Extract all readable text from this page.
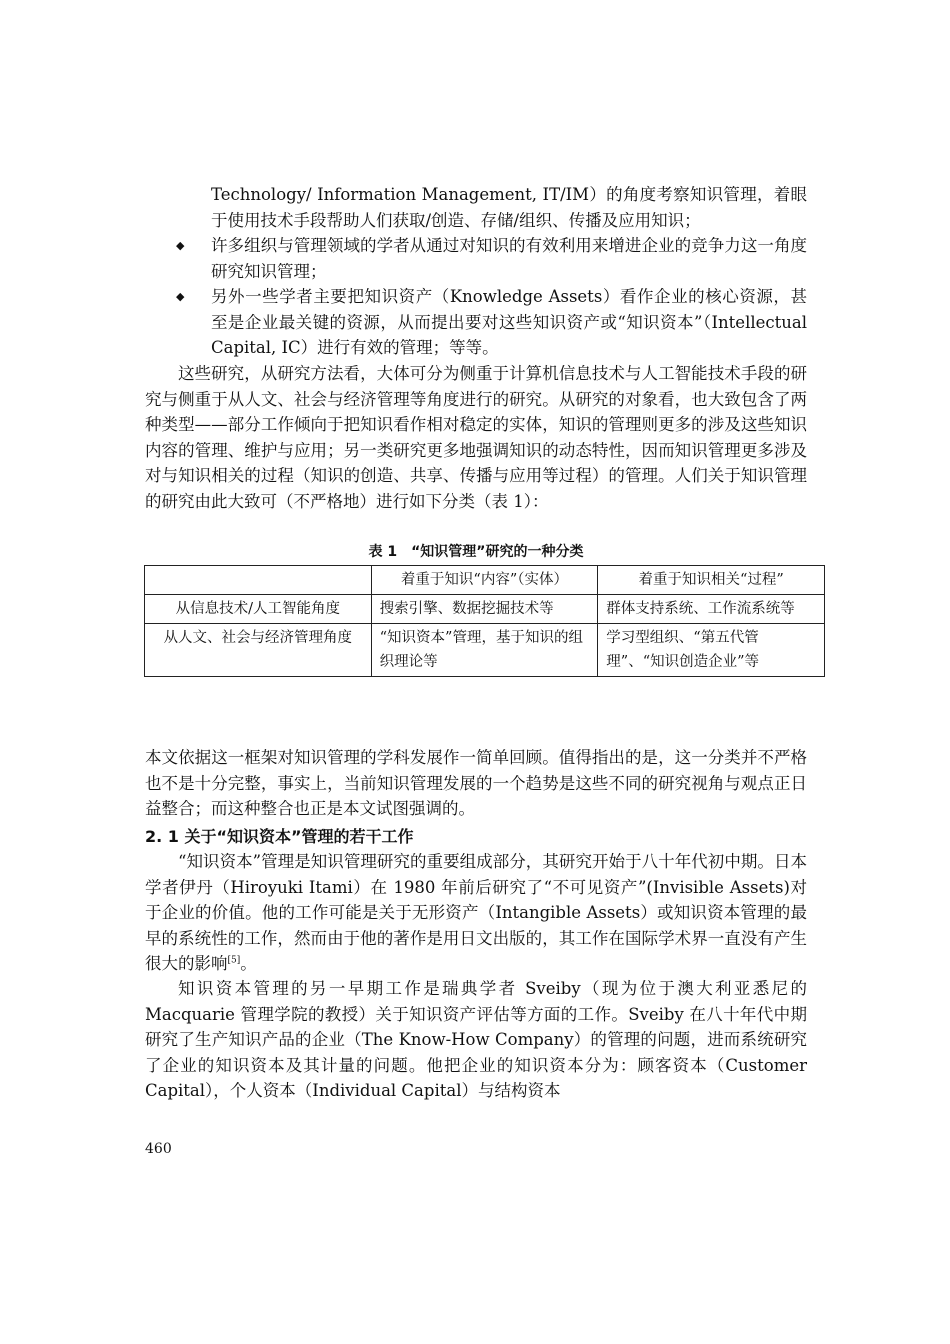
Technology/ Information Management, IT/IM）的角度考察知识管理，着眼于使用技术手段帮助人们获取/创造、存储/组织、传播及应用知识；

◆ 许多组织与管理领域的学者从通过对知识的有效利用来增进企业的竞争力这一角度研究知识管理；

◆ 另外一些学者主要把知识资产（Knowledge Assets）看作企业的核心资源，甚至是企业最关键的资源，从而提出要对这些知识资产或“知识资本”（Intellectual Capital, IC）进行有效的管理；等等。

这些研究，从研究方法看，大体可分为侧重于计算机信息技术与人工智能技术手段的研究与侧重于从人文、社会与经济管理等角度进行的研究。从研究的对象看，也大致包含了两种类型——部分工作倾向于把知识看作相对稳定的实体，知识的管理则更多的涉及这些知识内容的管理、维护与应用；另一类研究更多地强调知识的动态特性，因而知识管理更多涉及对与知识相关的过程（知识的创造、共享、传播与应用等过程）的管理。人们关于知识管理的研究由此大致可（不严格地）进行如下分类（表 1）：

表 1　“知识管理”研究的一种分类
	着重于知识“内容”（实体）	着重于知识相关“过程”
从信息技术/人工智能角度	搜索引擎、数据挖掘技术等	群体支持系统、工作流系统等
从人文、社会与经济管理角度	“知识资本”管理，基于知识的组织理论等	学习型组织、“第五代管理”、“知识创造企业”等

本文依据这一框架对知识管理的学科发展作一简单回顾。值得指出的是，这一分类并不严格也不是十分完整，事实上，当前知识管理发展的一个趋势是这些不同的研究视角与观点正日益整合；而这种整合也正是本文试图强调的。

2. 1 关于“知识资本”管理的若干工作

“知识资本”管理是知识管理研究的重要组成部分，其研究开始于八十年代初中期。日本学者伊丹（Hiroyuki Itami）在 1980 年前后研究了“不可见资产”(Invisible Assets)对于企业的价值。他的工作可能是关于无形资产（Intangible Assets）或知识资本管理的最早的系统性的工作，然而由于他的著作是用日文出版的，其工作在国际学术界一直没有产生很大的影响[5]。

知识资本管理的另一早期工作是瑞典学者 Sveiby（现为位于澳大利亚悉尼的 Macquarie 管理学院的教授）关于知识资产评估等方面的工作。Sveiby 在八十年代中期研究了生产知识产品的企业（The Know-How Company）的管理的问题，进而系统研究了企业的知识资本及其计量的问题。他把企业的知识资本分为：顾客资本（Customer Capital），个人资本（Individual Capital）与结构资本

460
